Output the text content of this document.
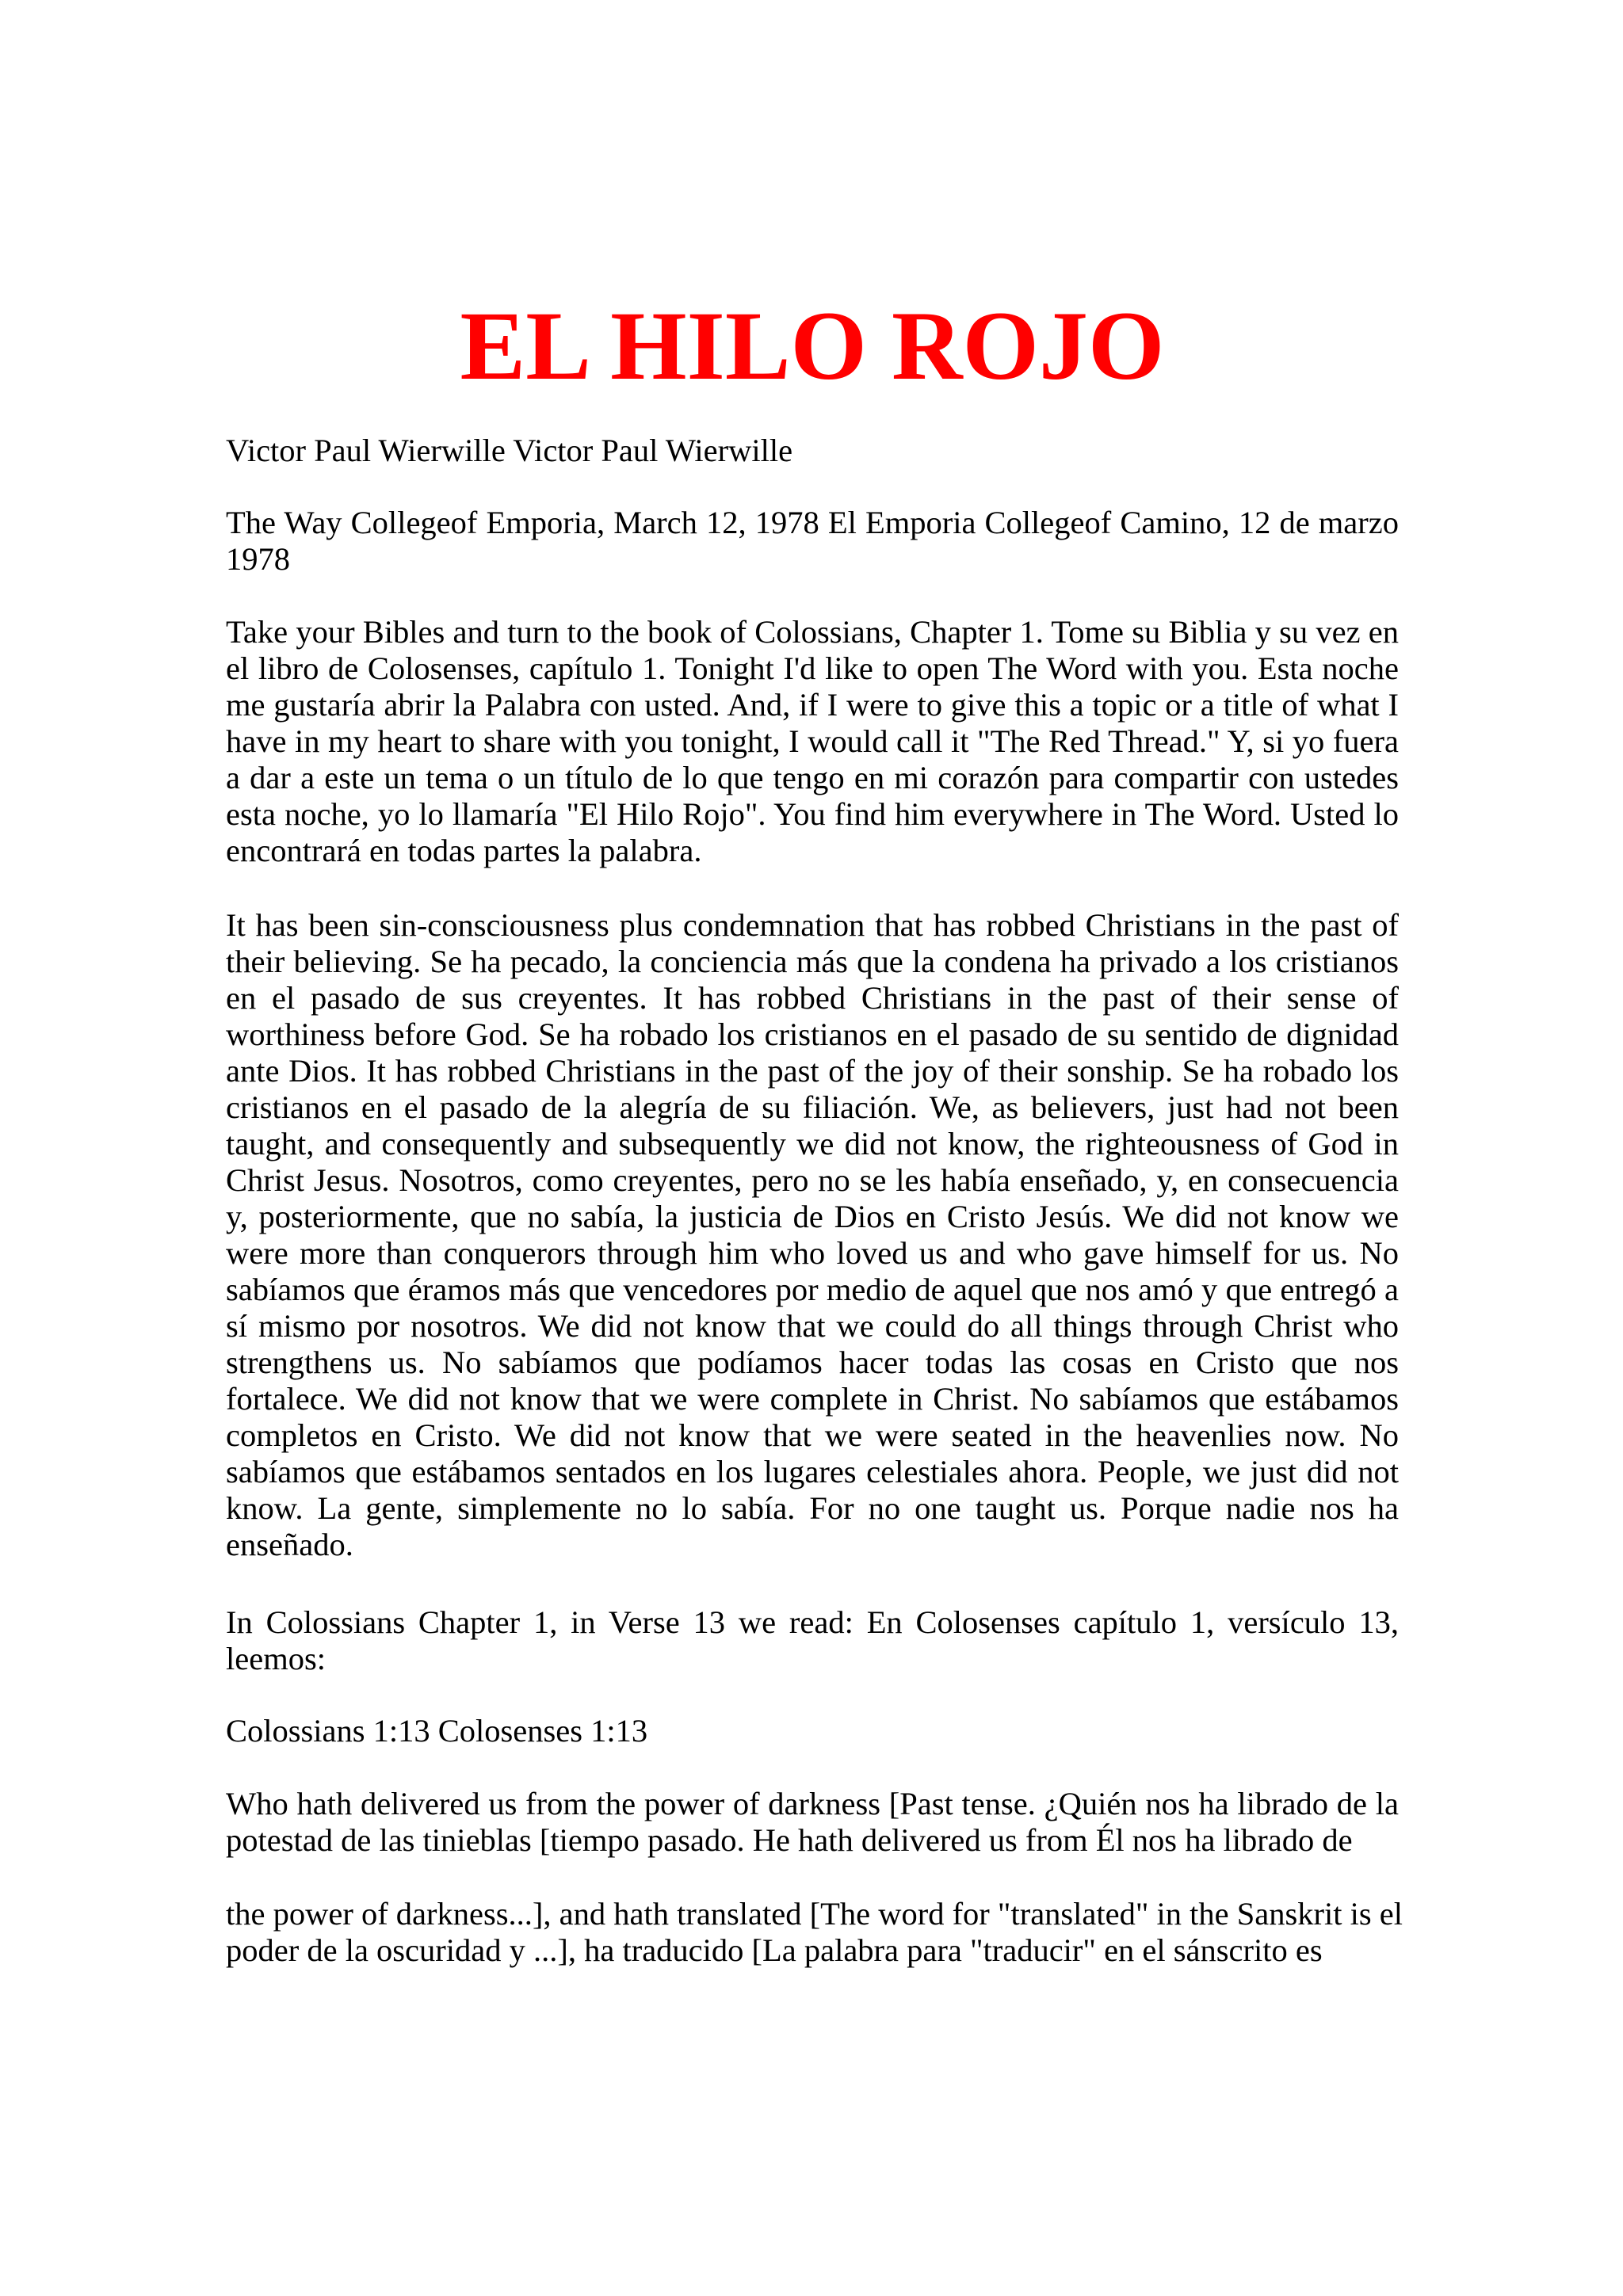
EL HILO ROJO

Victor Paul Wierwille Victor Paul Wierwille

The Way Collegeof Emporia, March 12, 1978 El Emporia Collegeof Camino, 12 de marzo
1978

Take your Bibles and turn to the book of Colossians, Chapter 1. Tome su Biblia y su vez en
el libro de Colosenses, capítulo 1. Tonight I'd like to open The Word with you. Esta noche
me gustaría abrir la Palabra con usted. And, if I were to give this a topic or a title of what I
have in my heart to share with you tonight, I would call it "The Red Thread." Y, si yo fuera
a dar a este un tema o un título de lo que tengo en mi corazón para compartir con ustedes
esta noche, yo lo llamaría "El Hilo Rojo". You find him everywhere in The Word. Usted lo
encontrará en todas partes la palabra.

It has been sin-consciousness plus condemnation that has robbed Christians in the past of
their believing. Se ha pecado, la conciencia más que la condena ha privado a los cristianos
en el pasado de sus creyentes. It has robbed Christians in the past of their sense of
worthiness before God. Se ha robado los cristianos en el pasado de su sentido de dignidad
ante Dios. It has robbed Christians in the past of the joy of their sonship. Se ha robado los
cristianos en el pasado de la alegría de su filiación. We, as believers, just had not been
taught, and consequently and subsequently we did not know, the righteousness of God in
Christ Jesus. Nosotros, como creyentes, pero no se les había enseñado, y, en consecuencia
y, posteriormente, que no sabía, la justicia de Dios en Cristo Jesús. We did not know we
were more than conquerors through him who loved us and who gave himself for us. No
sabíamos que éramos más que vencedores por medio de aquel que nos amó y que entregó a
sí mismo por nosotros. We did not know that we could do all things through Christ who
strengthens us. No sabíamos que podíamos hacer todas las cosas en Cristo que nos
fortalece. We did not know that we were complete in Christ. No sabíamos que estábamos
completos en Cristo. We did not know that we were seated in the heavenlies now. No
sabíamos que estábamos sentados en los lugares celestiales ahora. People, we just did not
know. La gente, simplemente no lo sabía. For no one taught us. Porque nadie nos ha
enseñado.

In Colossians Chapter 1, in Verse 13 we read: En Colosenses capítulo 1, versículo 13,
leemos:

Colossians 1:13 Colosenses 1:13

Who hath delivered us from the power of darkness [Past tense. ¿Quién nos ha librado de la
potestad de las tinieblas [tiempo pasado. He hath delivered us from Él nos ha librado de

the power of darkness...], and hath translated [The word for "translated" in the Sanskrit is el
poder de la oscuridad y ...], ha traducido [La palabra para "traducir" en el sánscrito es
